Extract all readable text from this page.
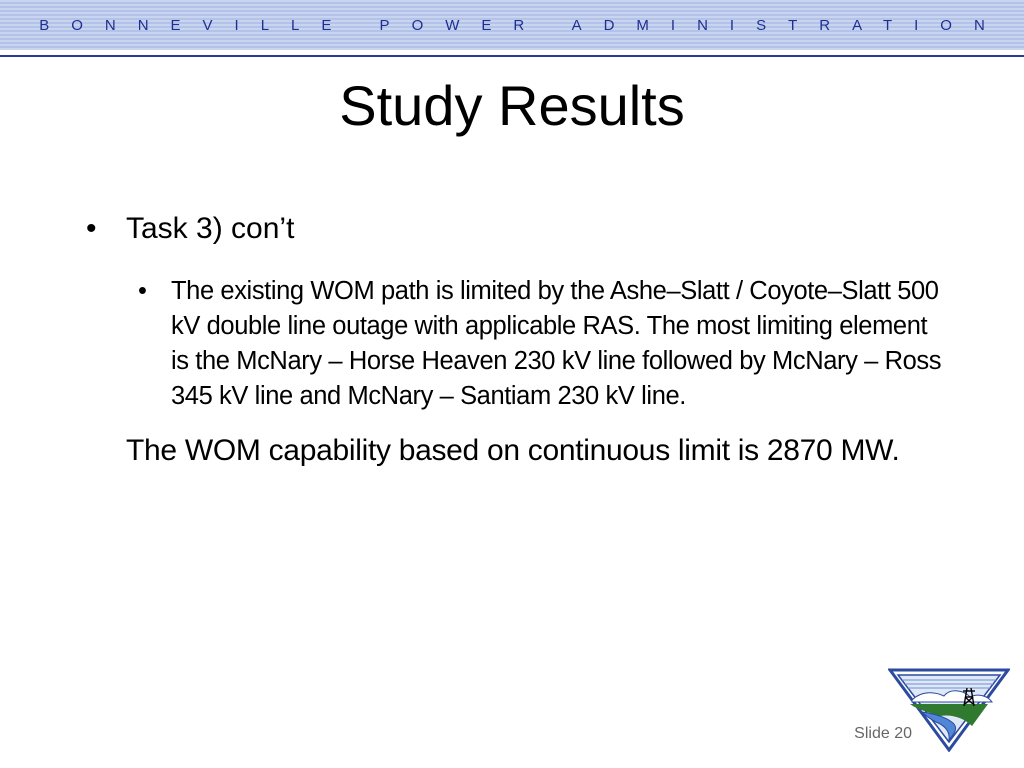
BONNEVILLE POWER ADMINISTRATION
Study Results
• Task 3) con’t
• The existing WOM path is limited by the Ashe–Slatt / Coyote–Slatt 500 kV double line outage with applicable RAS. The most limiting element is the McNary – Horse Heaven 230 kV line followed by McNary – Ross 345 kV line and McNary – Santiam 230 kV line.
The WOM capability based on continuous limit is 2870 MW.
Slide 20
